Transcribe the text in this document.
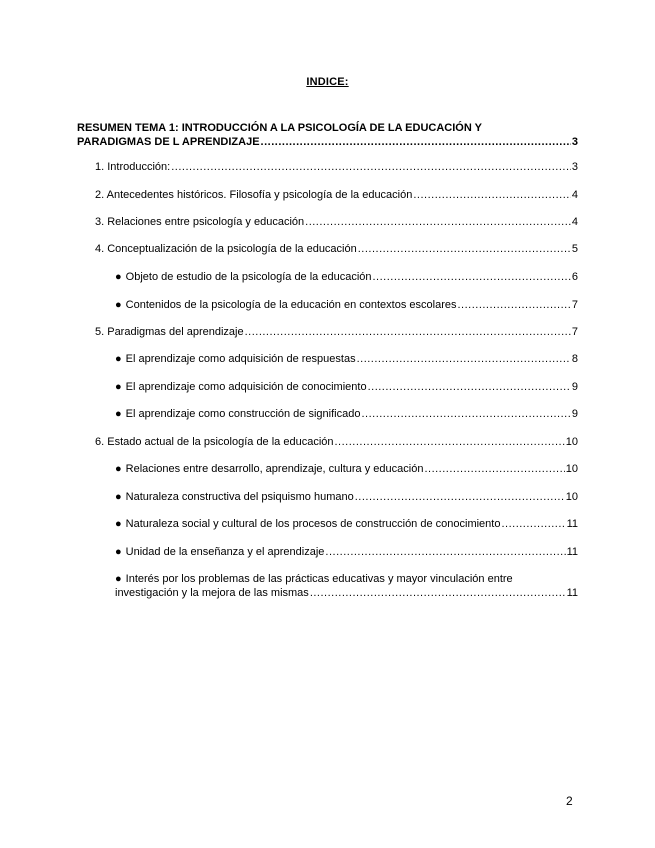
INDICE:
RESUMEN TEMA 1: INTRODUCCIÓN A LA PSICOLOGÍA DE LA EDUCACIÓN Y
PARADIGMAS DE L APRENDIZAJE .....	3
1. Introducción: .....	3
2. Antecedentes históricos. Filosofía y psicología de la educación .....	4
3. Relaciones entre psicología y educación .....	4
4. Conceptualización de la psicología de la educación .....	5
● Objeto de estudio de la psicología de la educación .....	6
● Contenidos de la psicología de la educación en contextos escolares .....	7
5. Paradigmas del aprendizaje .....	7
● El aprendizaje como adquisición de respuestas .....	8
● El aprendizaje como adquisición de conocimiento .....	9
● El aprendizaje como construcción de significado .....	9
6. Estado actual de la psicología de la educación .....	10
● Relaciones entre desarrollo, aprendizaje, cultura y educación .....	10
● Naturaleza constructiva del psiquismo humano .....	10
● Naturaleza social y cultural de los procesos de construcción de conocimiento .....	11
● Unidad de la enseñanza y el aprendizaje .....	11
● Interés por los problemas de las prácticas educativas y mayor vinculación entre
investigación y la mejora de las mismas .....	11
2
